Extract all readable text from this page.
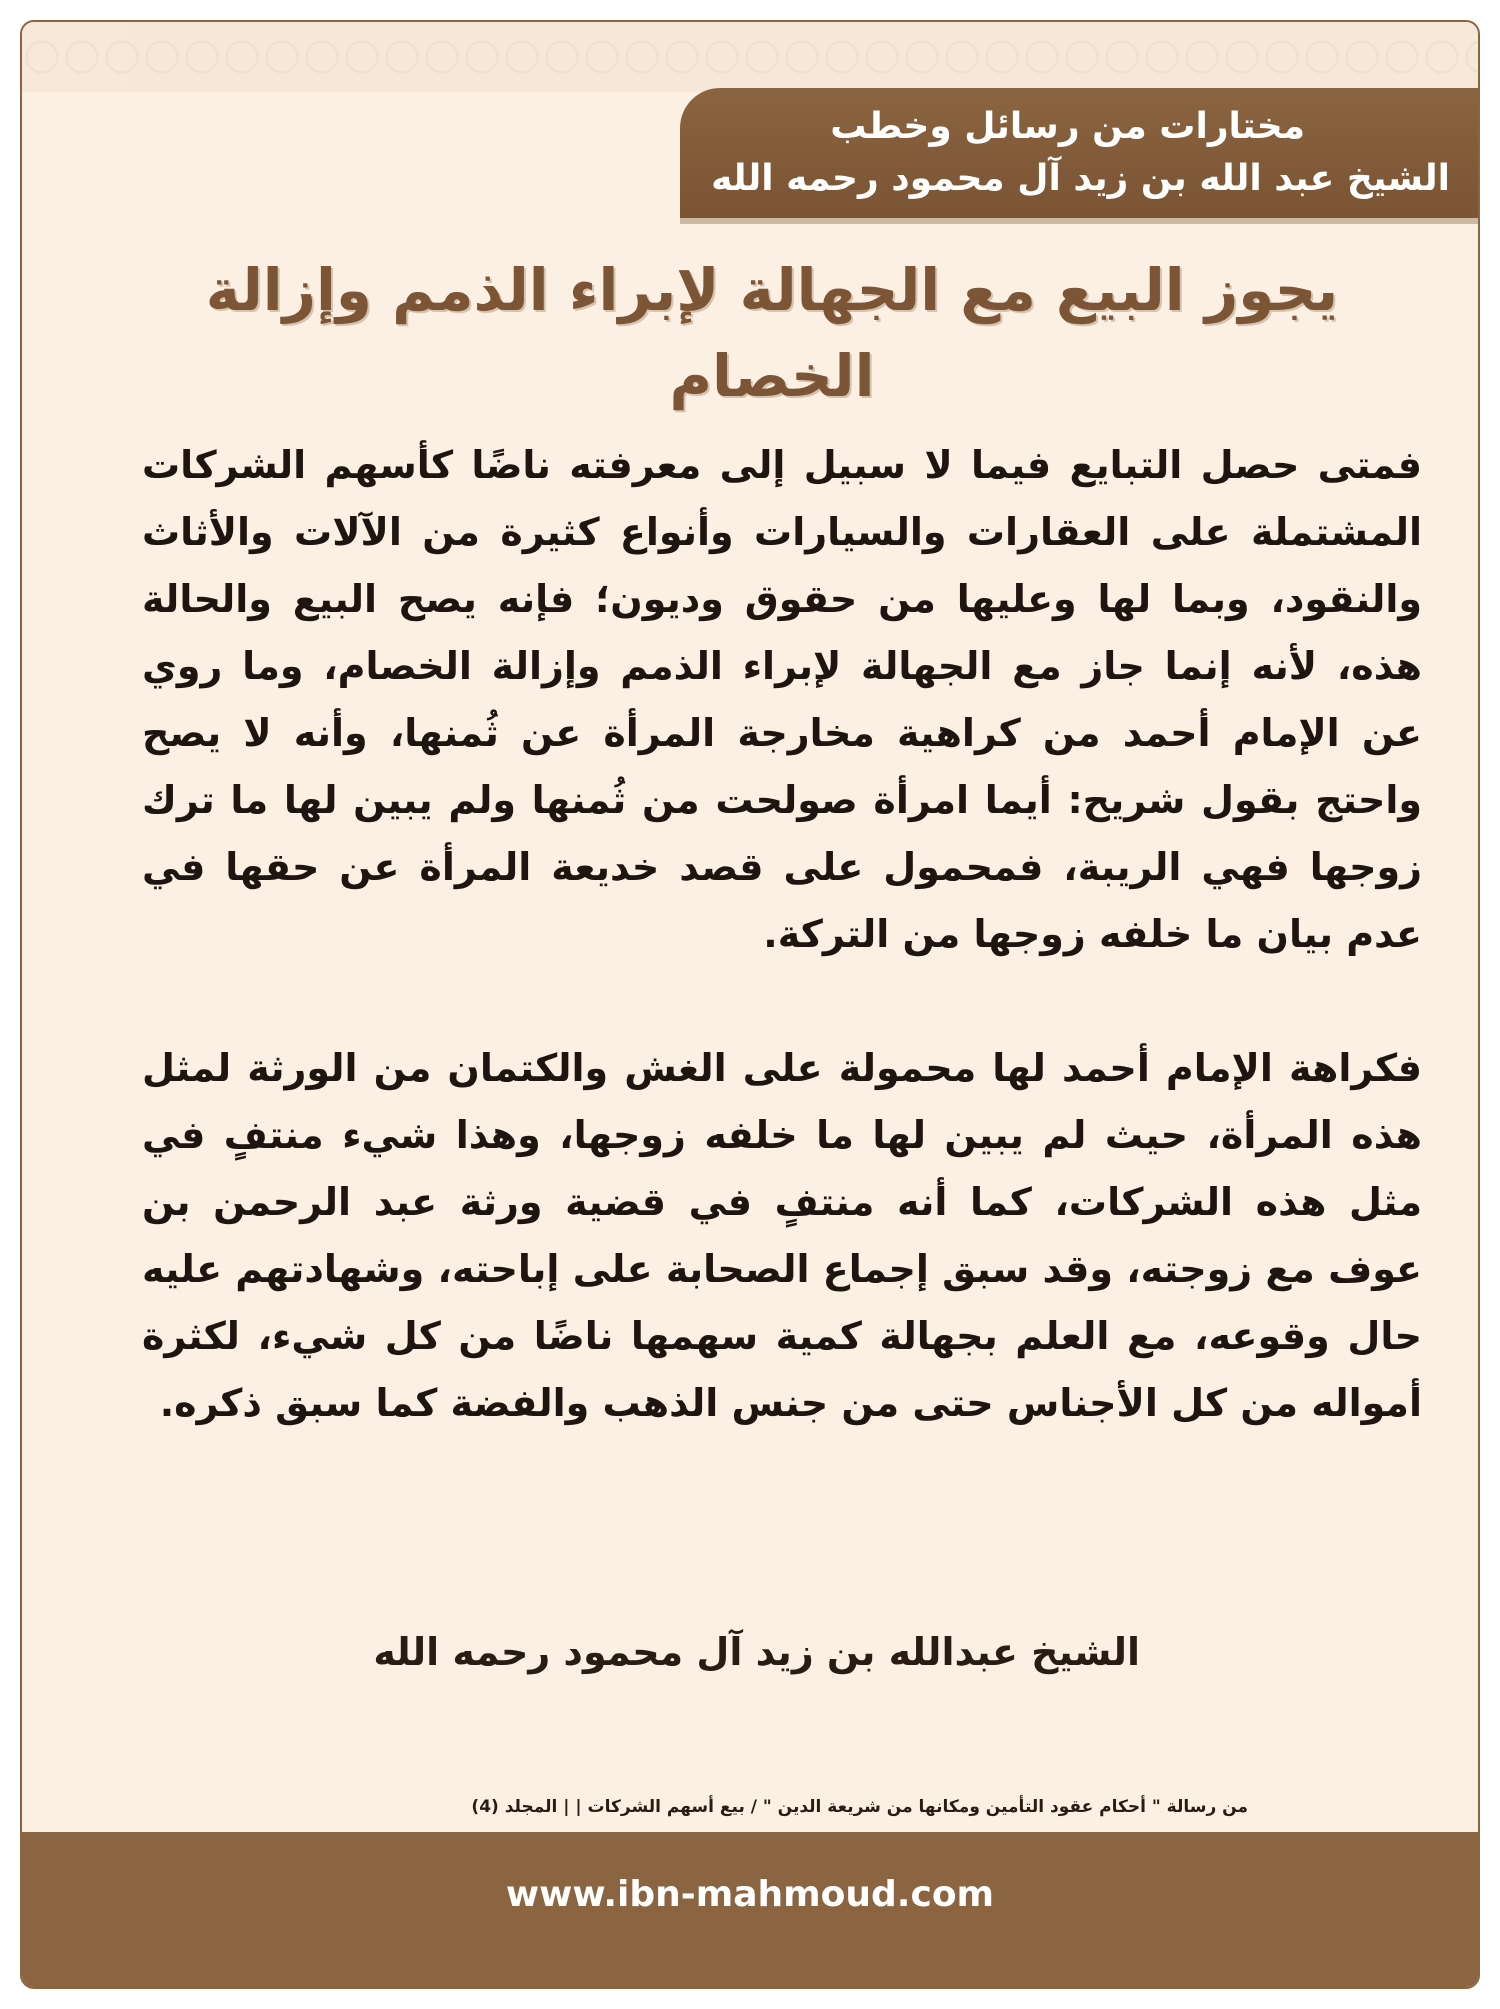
مختارات من رسائل وخطب
الشيخ عبد الله بن زيد آل محمود رحمه الله
يجوز البيع مع الجهالة لإبراء الذمم وإزالة الخصام

فمتى حصل التبايع فيما لا سبيل إلى معرفته ناضًا كأسهم الشركات المشتملة على العقارات والسيارات وأنواع كثيرة من الآلات والأثاث والنقود، وبما لها وعليها من حقوق وديون؛ فإنه يصح البيع والحالة هذه، لأنه إنما جاز مع الجهالة لإبراء الذمم وإزالة الخصام، وما روي عن الإمام أحمد من كراهية مخارجة المرأة عن ثُمنها، وأنه لا يصح واحتج بقول شريح: أيما امرأة صولحت من ثُمنها ولم يبين لها ما ترك زوجها فهي الريبة، فمحمول على قصد خديعة المرأة عن حقها في عدم بيان ما خلفه زوجها من التركة.

فكراهة الإمام أحمد لها محمولة على الغش والكتمان من الورثة لمثل هذه المرأة، حيث لم يبين لها ما خلفه زوجها، وهذا شيء منتفٍ في مثل هذه الشركات، كما أنه منتفٍ في قضية ورثة عبد الرحمن بن عوف مع زوجته، وقد سبق إجماع الصحابة على إباحته، وشهادتهم عليه حال وقوعه، مع العلم بجهالة كمية سهمها ناضًا من كل شيء، لكثرة أمواله من كل الأجناس حتى من جنس الذهب والفضة كما سبق ذكره.

من رسالة " أحكام عقود التأمين ومكانها من شريعة الدين " / بيع أسهم الشركات | | المجلد (4)
www.ibn-mahmoud.com
الشيخ عبدالله بن زيد آل محمود رحمه الله
